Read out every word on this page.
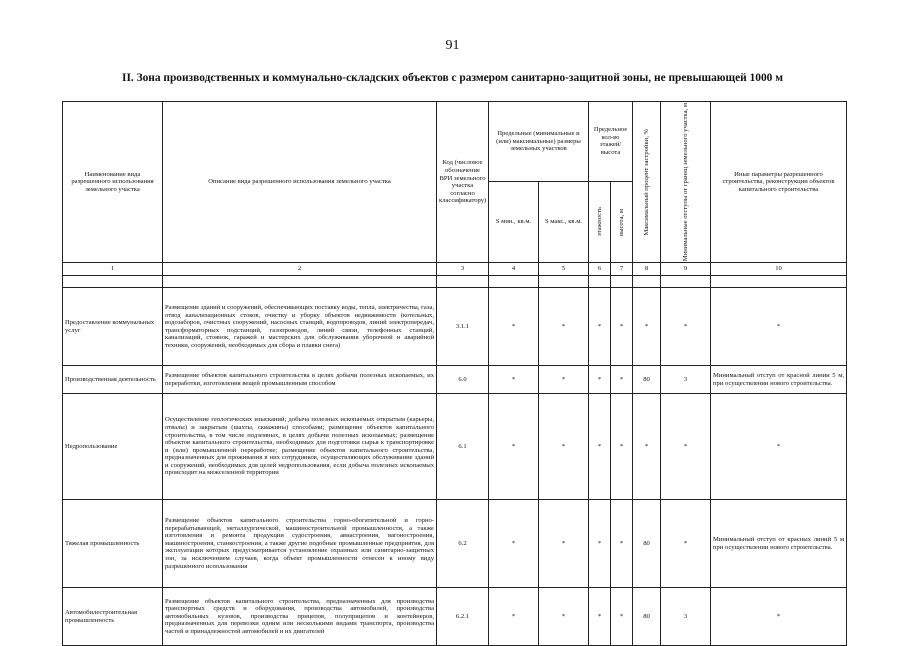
91
II. Зона производственных и коммунально-складских объектов с размером санитарно-защитной зоны, не превышающей 1000 м
Наименование вида разрешенного использования земельного участка	Описание вида разрешенного использования земельного участка	Код (числовое обозначение ВРИ земельного участка согласно классификатору)	Предельные (минимальные и (или) максимальные) размеры земельных участков		Предельное кол-во этажей/ высота		Максимальный процент застройки, %	Минимальные отступы от границ земельного участка, м	Иные параметры разрешенного строительства, реконструкции объектов капитального строительства
			S мин., кв.м.	S макс., кв.м.	этажность	высота, м			

1	2	3	4	5	6	7	8	9	10

Предоставление коммунальных услуг	Размещение зданий и сооружений, обеспечивающих поставку воды, тепла, электричества, газа, отвод канализационных стоков, очистку и уборку объектов недвижимости (котельных, водозаборов, очистных сооружений, насосных станций, водопроводов, линий электропередач, трансформаторных подстанций, газопроводов, линий связи, телефонных станций, канализаций, стоянок, гаражей и мастерских для обслуживания уборочной и аварийной техники, сооружений, необходимых для сбора и плавки снега)	3.1.1	*	*	*	*	*	*	*
Производственная деятельность	Размещение объектов капитального строительства в целях добычи полезных ископаемых, их переработки, изготовления вещей промышленным способом	6.0	*	*	*	*	80	3	Минимальный отступ от красной линии 5 м, при осуществлении нового строительства.
Недропользование	Осуществление геологических изысканий; добыча полезных ископаемых открытым (карьеры, отвалы) и закрытым (шахты, скважины) способами; размещение объектов капитального строительства, в том числе подземных, в целях добычи полезных ископаемых; размещение объектов капитального строительства, необходимых для подготовки сырья к транспортировке и (или) промышленной переработке; размещение объектов капитального строительства, предназначенных для проживания в них сотрудников, осуществляющих обслуживание зданий и сооружений, необходимых для целей недропользования, если добыча полезных ископаемых происходит на межселенной территории	6.1	*	*	*	*	*	*	*
Тяжелая промышленность	Размещение объектов капитального строительства горно-обогатительной и горно-перерабатывающей, металлургической, машиностроительной промышленности, а также изготовления и ремонта продукции судостроения, авиастроения, вагоностроения, машиностроения, станкостроения, а также другие подобные промышленные предприятия, для эксплуатации которых предусматривается установление охранных или санитарно-защитных зон, за исключением случаев, когда объект промышленности отнесен к иному виду разрешенного использования	6.2	*	*	*	*	80	*	Минимальный отступ от красных линий 5 м при осуществлении нового строительства.
Автомобилестроительная промышленность	Размещение объектов капитального строительства, предназначенных для производства транспортных средств и оборудования, производства автомобилей, производства автомобильных кузовов, производства прицепов, полуприцепов и контейнеров, предназначенных для перевозки одним или несколькими видами транспорта, производства частей и принадлежностей автомобилей и их двигателей	6.2.1	*	*	*	*	80	3	*
